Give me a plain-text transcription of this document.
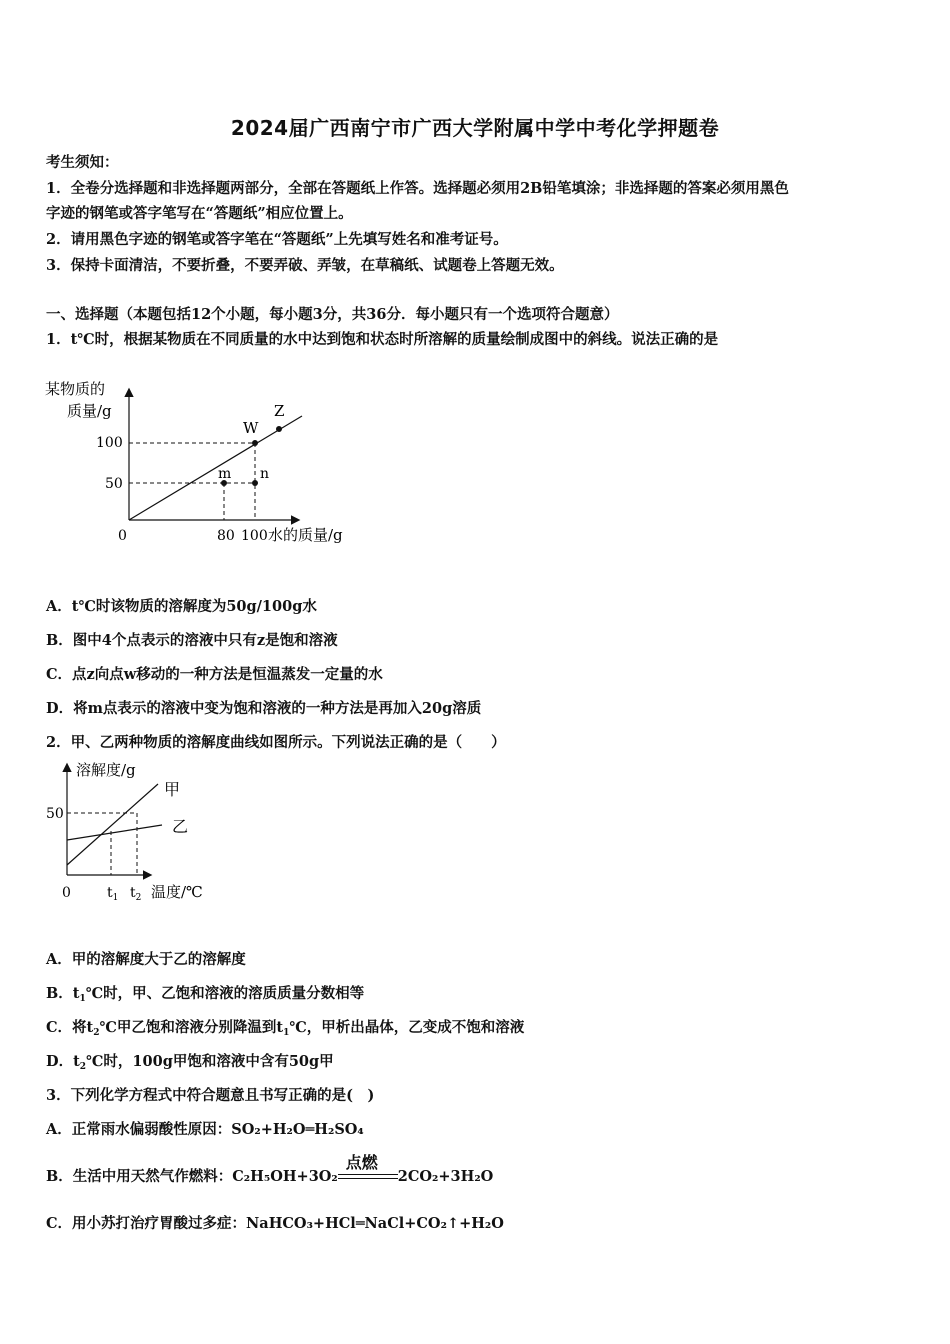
2024届广西南宁市广西大学附属中学中考化学押题卷
考生须知：
1．全卷分选择题和非选择题两部分，全部在答题纸上作答。选择题必须用2B铅笔填涂；非选择题的答案必须用黑色
字迹的钢笔或答字笔写在“答题纸”相应位置上。
2．请用黑色字迹的钢笔或答字笔在“答题纸”上先填写姓名和准考证号。
3．保持卡面清洁，不要折叠，不要弄破、弄皱，在草稿纸、试题卷上答题无效。
一、选择题（本题包括12个小题，每小题3分，共36分．每小题只有一个选项符合题意）
1．t℃时，根据某物质在不同质量的水中达到饱和状态时所溶解的质量绘制成图中的斜线。说法正确的是
某物质的
质量/g
100
50
0	80 100 水的质量/g
W
Z
m n
A．t℃时该物质的溶解度为50g/100g水
B．图中4个点表示的溶液中只有z是饱和溶液
C．点z向点w移动的一种方法是恒温蒸发一定量的水
D．将m点表示的溶液中变为饱和溶液的一种方法是再加入20g溶质
2．甲、乙两种物质的溶解度曲线如图所示。下列说法正确的是（　　）
溶解度/g
50
0
甲
乙
$t_1$ $t_2$ 温度/℃
A．甲的溶解度大于乙的溶解度
B．$t_1℃$时，甲、乙饱和溶液的溶质质量分数相等
C．将$t_2℃$甲乙饱和溶液分别降温到$t_1℃$，甲析出晶体，乙变成不饱和溶液
D．$t_2℃$时，100g甲饱和溶液中含有50g甲
3．下列化学方程式中符合题意且书写正确的是(　)
A．正常雨水偏弱酸性原因：SO₂+H₂O═H₂SO₄
B．生活中用天然气作燃料：C₂H₅OH+3O₂
点燃
2CO₂+3H₂O
C．用小苏打治疗胃酸过多症：NaHCO₃+HCl═NaCl+CO₂↑+H₂O
